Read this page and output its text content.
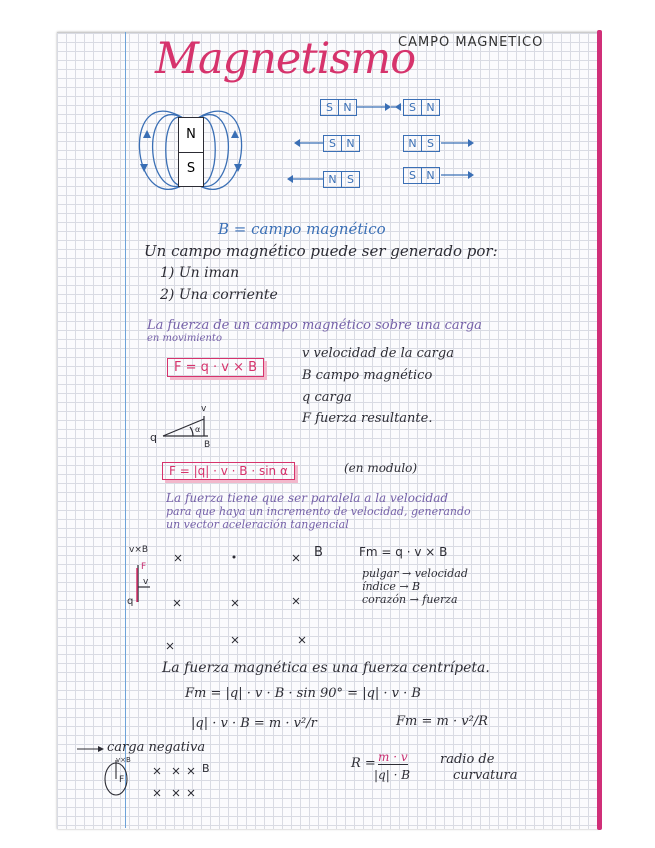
Magnetismo
CAMPO MAGNETICO
N
S
S N	S N
S N	N S
N S	S N
B = campo magnético
Un campo magnético puede ser generado por:
1) Un iman
2) Una corriente
La fuerza de un campo magnético sobre una carga
en movimiento
F = q · v × B
v velocidad de la carga
B campo magnético
q carga
F fuerza resultante.
q
v
α
B
F = |q| · v · B · sin α	(en modulo)
La fuerza tiene que ser paralela a la velocidad
para que haya un incremento de velocidad, generando
un vector aceleración tangencial
v×B
F
v
q
B	Fm = q · v × B
pulgar → velocidad
índice → B
corazón → fuerza
La fuerza magnética es una fuerza centrípeta.
Fm = |q| · v · B · sin 90° = |q| · v · B
|q| · v · B = m · v²/r	Fm = m · v²/R
carga negativa
v×B
F
B	R = m · v
|q| · B
radio de
curvatura
